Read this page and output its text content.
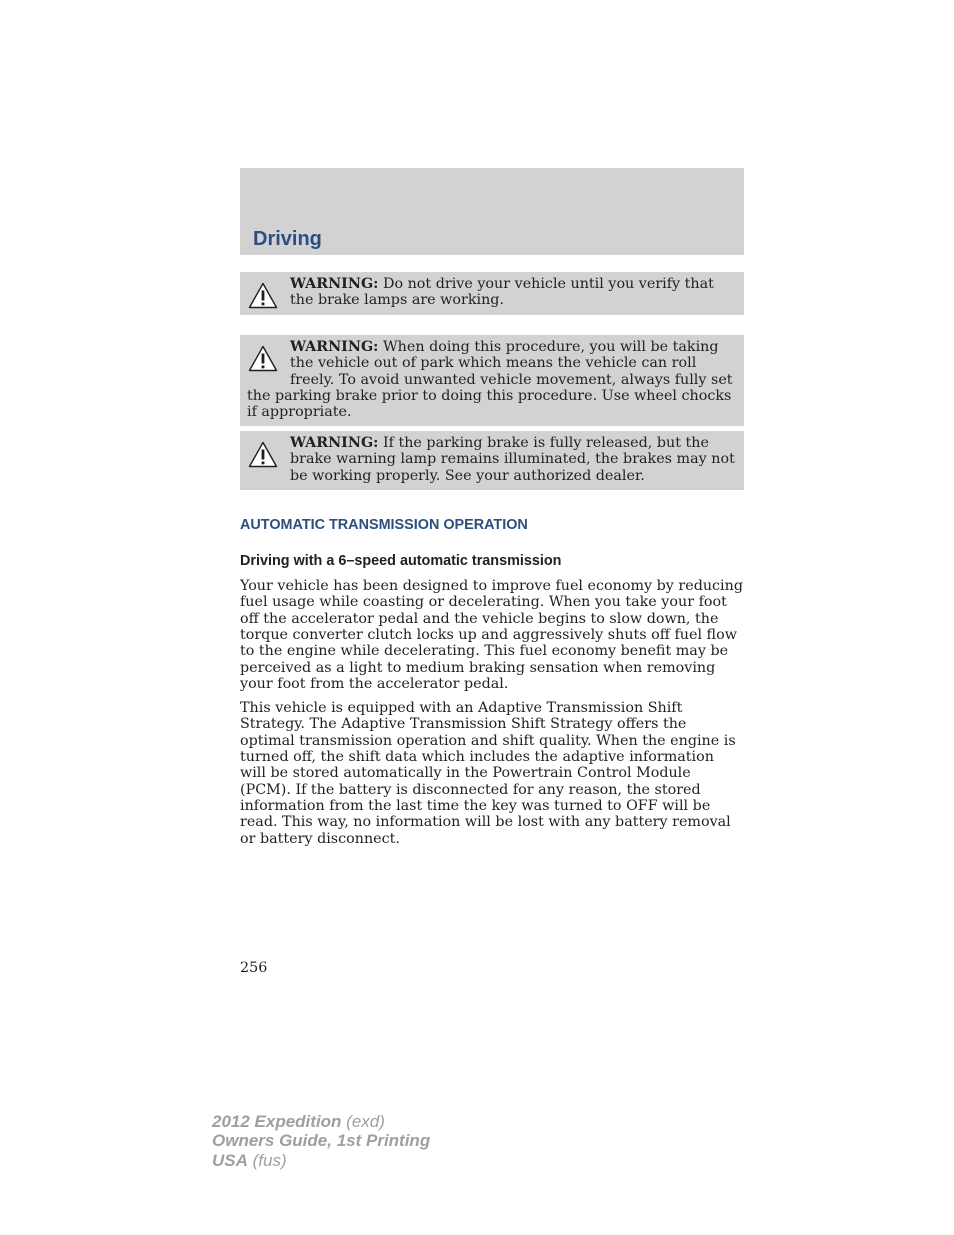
Driving
WARNING: Do not drive your vehicle until you verify that the brake lamps are working.
WARNING: When doing this procedure, you will be taking the vehicle out of park which means the vehicle can roll freely. To avoid unwanted vehicle movement, always fully set the parking brake prior to doing this procedure. Use wheel chocks if appropriate.
WARNING: If the parking brake is fully released, but the brake warning lamp remains illuminated, the brakes may not be working properly. See your authorized dealer.
AUTOMATIC TRANSMISSION OPERATION
Driving with a 6–speed automatic transmission

Your vehicle has been designed to improve fuel economy by reducing fuel usage while coasting or decelerating. When you take your foot off the accelerator pedal and the vehicle begins to slow down, the torque converter clutch locks up and aggressively shuts off fuel flow to the engine while decelerating. This fuel economy benefit may be perceived as a light to medium braking sensation when removing your foot from the accelerator pedal.

This vehicle is equipped with an Adaptive Transmission Shift Strategy. The Adaptive Transmission Shift Strategy offers the optimal transmission operation and shift quality. When the engine is turned off, the shift data which includes the adaptive information will be stored automatically in the Powertrain Control Module (PCM). If the battery is disconnected for any reason, the stored information from the last time the key was turned to OFF will be read. This way, no information will be lost with any battery removal or battery disconnect.

256
2012 Expedition (exd)
Owners Guide, 1st Printing
USA (fus)
